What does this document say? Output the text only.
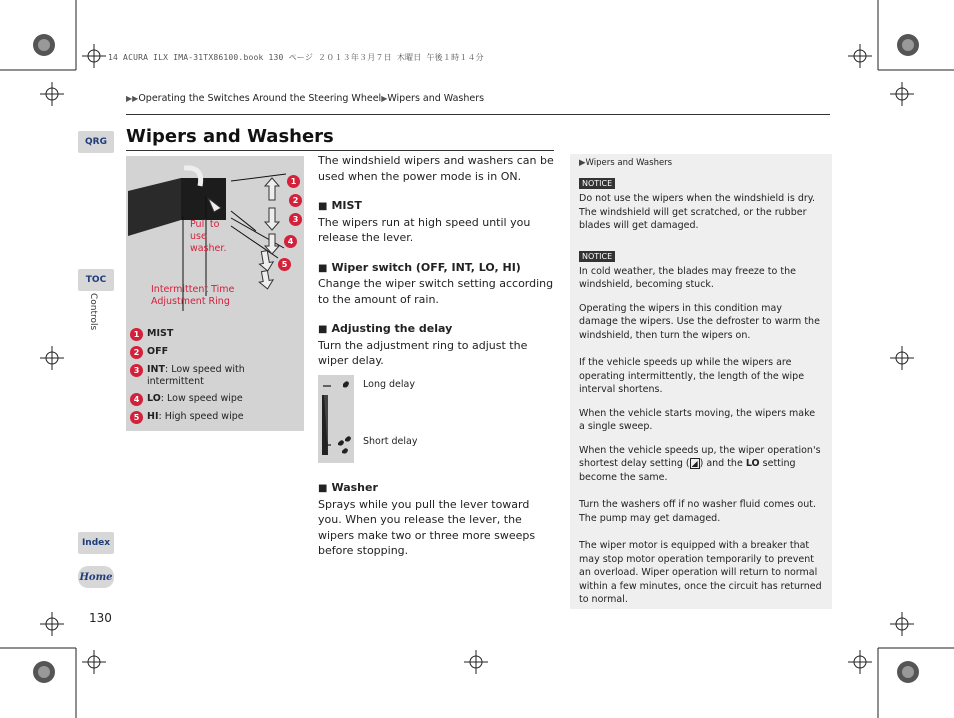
14 ACURA ILX IMA-31TX86100.book 130 ページ ２０１３年３月７日 木曜日 午後１時１４分
▶▶Operating the Switches Around the Steering Wheel▶Wipers and Washers
QRG
TOC
Controls
Index
Home
Wipers and Washers
1
2
3
4
5
Pull to use washer.
Intermittent Time Adjustment Ring
1 MIST
2 OFF
3 INT: Low speed with intermittent
4 LO: Low speed wipe
5 HI: High speed wipe

The windshield wipers and washers can be used when the power mode is in ON.

■ MIST

The wipers run at high speed until you release the lever.

■ Wiper switch (OFF, INT, LO, HI)

Change the wiper switch setting according to the amount of rain.

■ Adjusting the delay

Turn the adjustment ring to adjust the wiper delay.

Long delay
Short delay
■ Washer

Sprays while you pull the lever toward you. When you release the lever, the wipers make two or three more sweeps before stopping.

▶Wipers and Washers
NOTICE

Do not use the wipers when the windshield is dry. The windshield will get scratched, or the rubber blades will get damaged.

NOTICE

In cold weather, the blades may freeze to the windshield, becoming stuck.

Operating the wipers in this condition may damage the wipers. Use the defroster to warm the windshield, then turn the wipers on.

If the vehicle speeds up while the wipers are operating intermittently, the length of the wipe interval shortens.

When the vehicle starts moving, the wipers make a single sweep.

When the vehicle speeds up, the wiper operation's shortest delay setting ( ◢ ) and the LO setting become the same.

Turn the washers off if no washer fluid comes out. The pump may get damaged.

The wiper motor is equipped with a breaker that may stop motor operation temporarily to prevent an overload. Wiper operation will return to normal within a few minutes, once the circuit has returned to normal.

130
